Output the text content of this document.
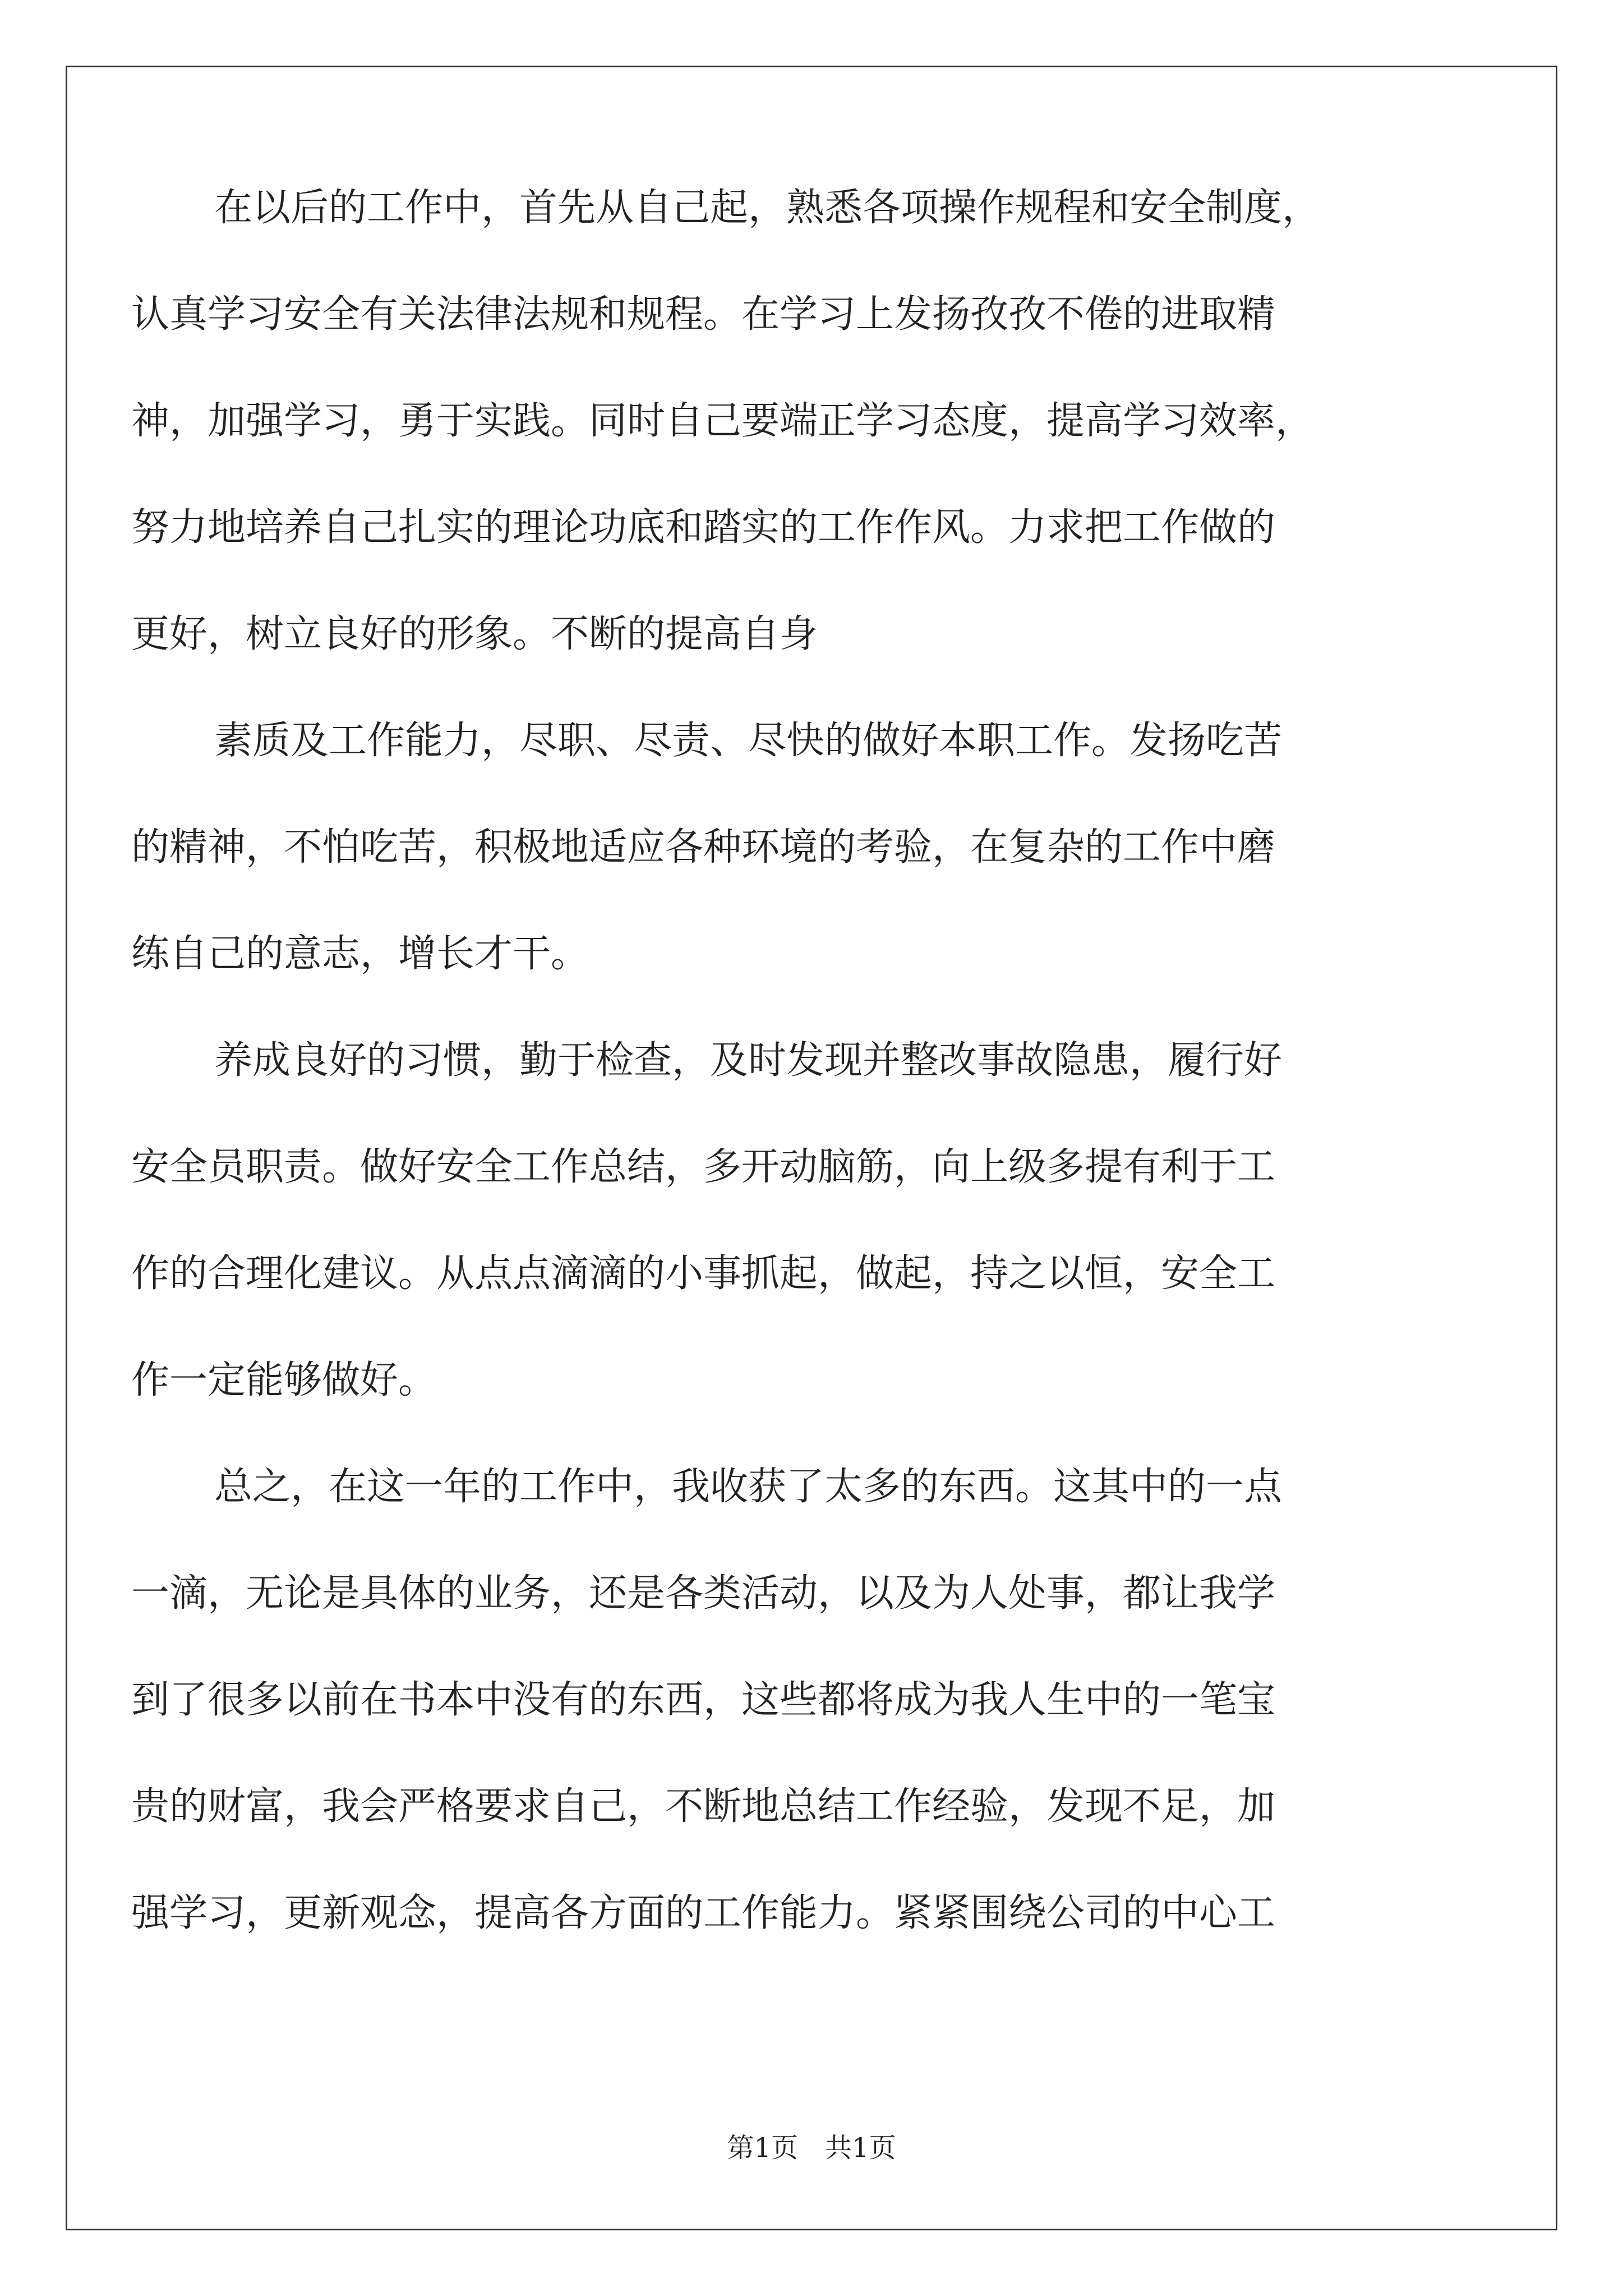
在以后的工作中，首先从自己起，熟悉各项操作规程和安全制度，
认真学习安全有关法律法规和规程。在学习上发扬孜孜不倦的进取精
神，加强学习，勇于实践。同时自己要端正学习态度，提高学习效率，
努力地培养自己扎实的理论功底和踏实的工作作风。力求把工作做的
更好，树立良好的形象。不断的提高自身
素质及工作能力，尽职、尽责、尽快的做好本职工作。发扬吃苦
的精神，不怕吃苦，积极地适应各种环境的考验，在复杂的工作中磨
练自己的意志，增长才干。
养成良好的习惯，勤于检查，及时发现并整改事故隐患，履行好
安全员职责。做好安全工作总结，多开动脑筋，向上级多提有利于工
作的合理化建议。从点点滴滴的小事抓起，做起，持之以恒，安全工
作一定能够做好。
总之，在这一年的工作中，我收获了太多的东西。这其中的一点
一滴，无论是具体的业务，还是各类活动，以及为人处事，都让我学
到了很多以前在书本中没有的东西，这些都将成为我人生中的一笔宝
贵的财富，我会严格要求自己，不断地总结工作经验，发现不足，加
强学习，更新观念，提高各方面的工作能力。紧紧围绕公司的中心工
第1页　共1页
